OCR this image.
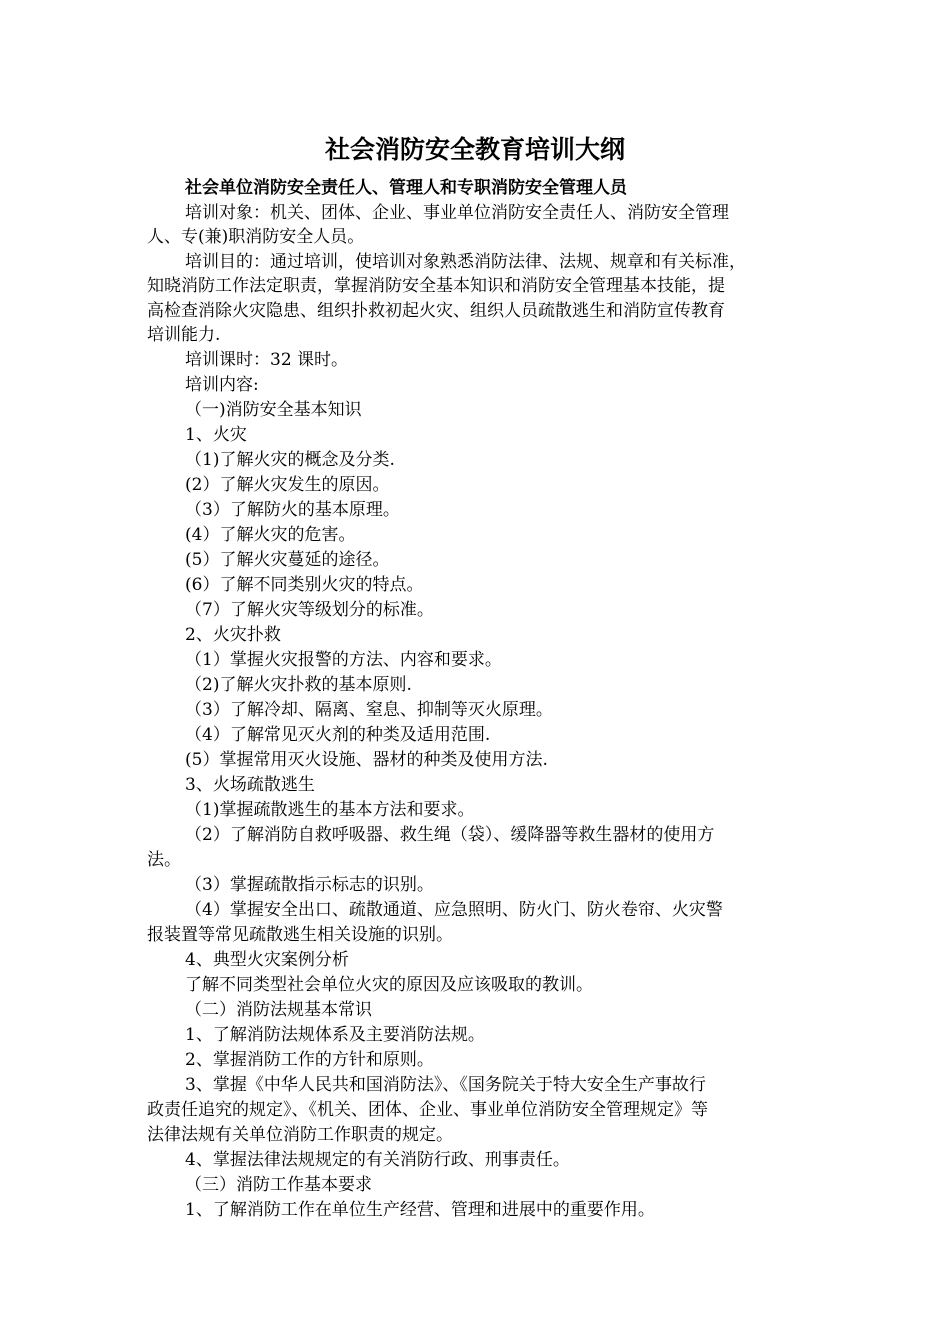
社会消防安全教育培训大纲
社会单位消防安全责任人、管理人和专职消防安全管理人员
培训对象：机关、团体、企业、事业单位消防安全责任人、消防安全管理
人、专(兼)职消防安全人员。
培训目的：通过培训，使培训对象熟悉消防法律、法规、规章和有关标准，
知晓消防工作法定职责，掌握消防安全基本知识和消防安全管理基本技能，提
高检查消除火灾隐患、组织扑救初起火灾、组织人员疏散逃生和消防宣传教育
培训能力.
培训课时：32 课时。
培训内容:
（一)消防安全基本知识
1、火灾
（1)了解火灾的概念及分类.
(2）了解火灾发生的原因。
（3）了解防火的基本原理。
(4）了解火灾的危害。
(5）了解火灾蔓延的途径。
(6）了解不同类别火灾的特点。
（7）了解火灾等级划分的标准。
2、火灾扑救
（1）掌握火灾报警的方法、内容和要求。
（2)了解火灾扑救的基本原则.
（3）了解冷却、隔离、窒息、抑制等灭火原理。
（4）了解常见灭火剂的种类及适用范围.
(5）掌握常用灭火设施、器材的种类及使用方法.
3、火场疏散逃生
（1)掌握疏散逃生的基本方法和要求。
（2）了解消防自救呼吸器、救生绳（袋）、缓降器等救生器材的使用方
法。
（3）掌握疏散指示标志的识别。
（4）掌握安全出口、疏散通道、应急照明、防火门、防火卷帘、火灾警
报装置等常见疏散逃生相关设施的识别。
4、典型火灾案例分析
了解不同类型社会单位火灾的原因及应该吸取的教训。
（二）消防法规基本常识
1、了解消防法规体系及主要消防法规。
2、掌握消防工作的方针和原则。
3、掌握《中华人民共和国消防法》、《国务院关于特大安全生产事故行
政责任追究的规定》、《机关、团体、企业、事业单位消防安全管理规定》等
法律法规有关单位消防工作职责的规定。
4、掌握法律法规规定的有关消防行政、刑事责任。
（三）消防工作基本要求
1、了解消防工作在单位生产经营、管理和进展中的重要作用。
